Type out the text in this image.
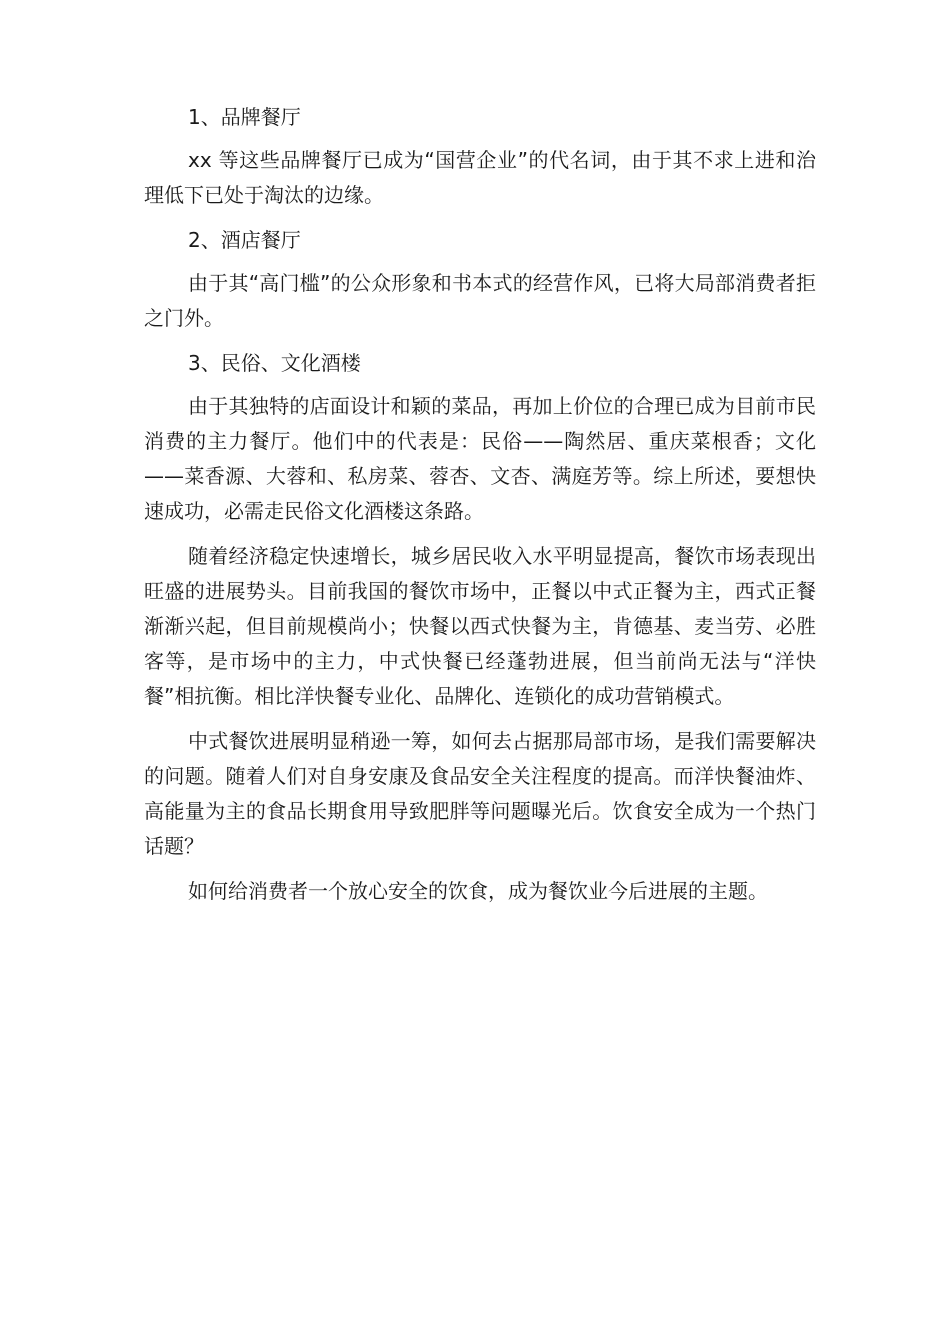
1、品牌餐厅

xx 等这些品牌餐厅已成为“国营企业”的代名词，由于其不求上进和治理低下已处于淘汰的边缘。

2、酒店餐厅

由于其“高门槛”的公众形象和书本式的经营作风，已将大局部消费者拒之门外。

3、民俗、文化酒楼

由于其独特的店面设计和颖的菜品，再加上价位的合理已成为目前市民消费的主力餐厅。他们中的代表是：民俗——陶然居、重庆菜根香；文化——菜香源、大蓉和、私房菜、蓉杏、文杏、满庭芳等。综上所述，要想快速成功，必需走民俗文化酒楼这条路。

随着经济稳定快速增长，城乡居民收入水平明显提高，餐饮市场表现出旺盛的进展势头。目前我国的餐饮市场中，正餐以中式正餐为主，西式正餐渐渐兴起，但目前规模尚小；快餐以西式快餐为主，肯德基、麦当劳、必胜客等，是市场中的主力，中式快餐已经蓬勃进展，但当前尚无法与“洋快餐”相抗衡。相比洋快餐专业化、品牌化、连锁化的成功营销模式。

中式餐饮进展明显稍逊一筹，如何去占据那局部市场，是我们需要解决的问题。随着人们对自身安康及食品安全关注程度的提高。而洋快餐油炸、高能量为主的食品长期食用导致肥胖等问题曝光后。饮食安全成为一个热门话题？

如何给消费者一个放心安全的饮食，成为餐饮业今后进展的主题。
